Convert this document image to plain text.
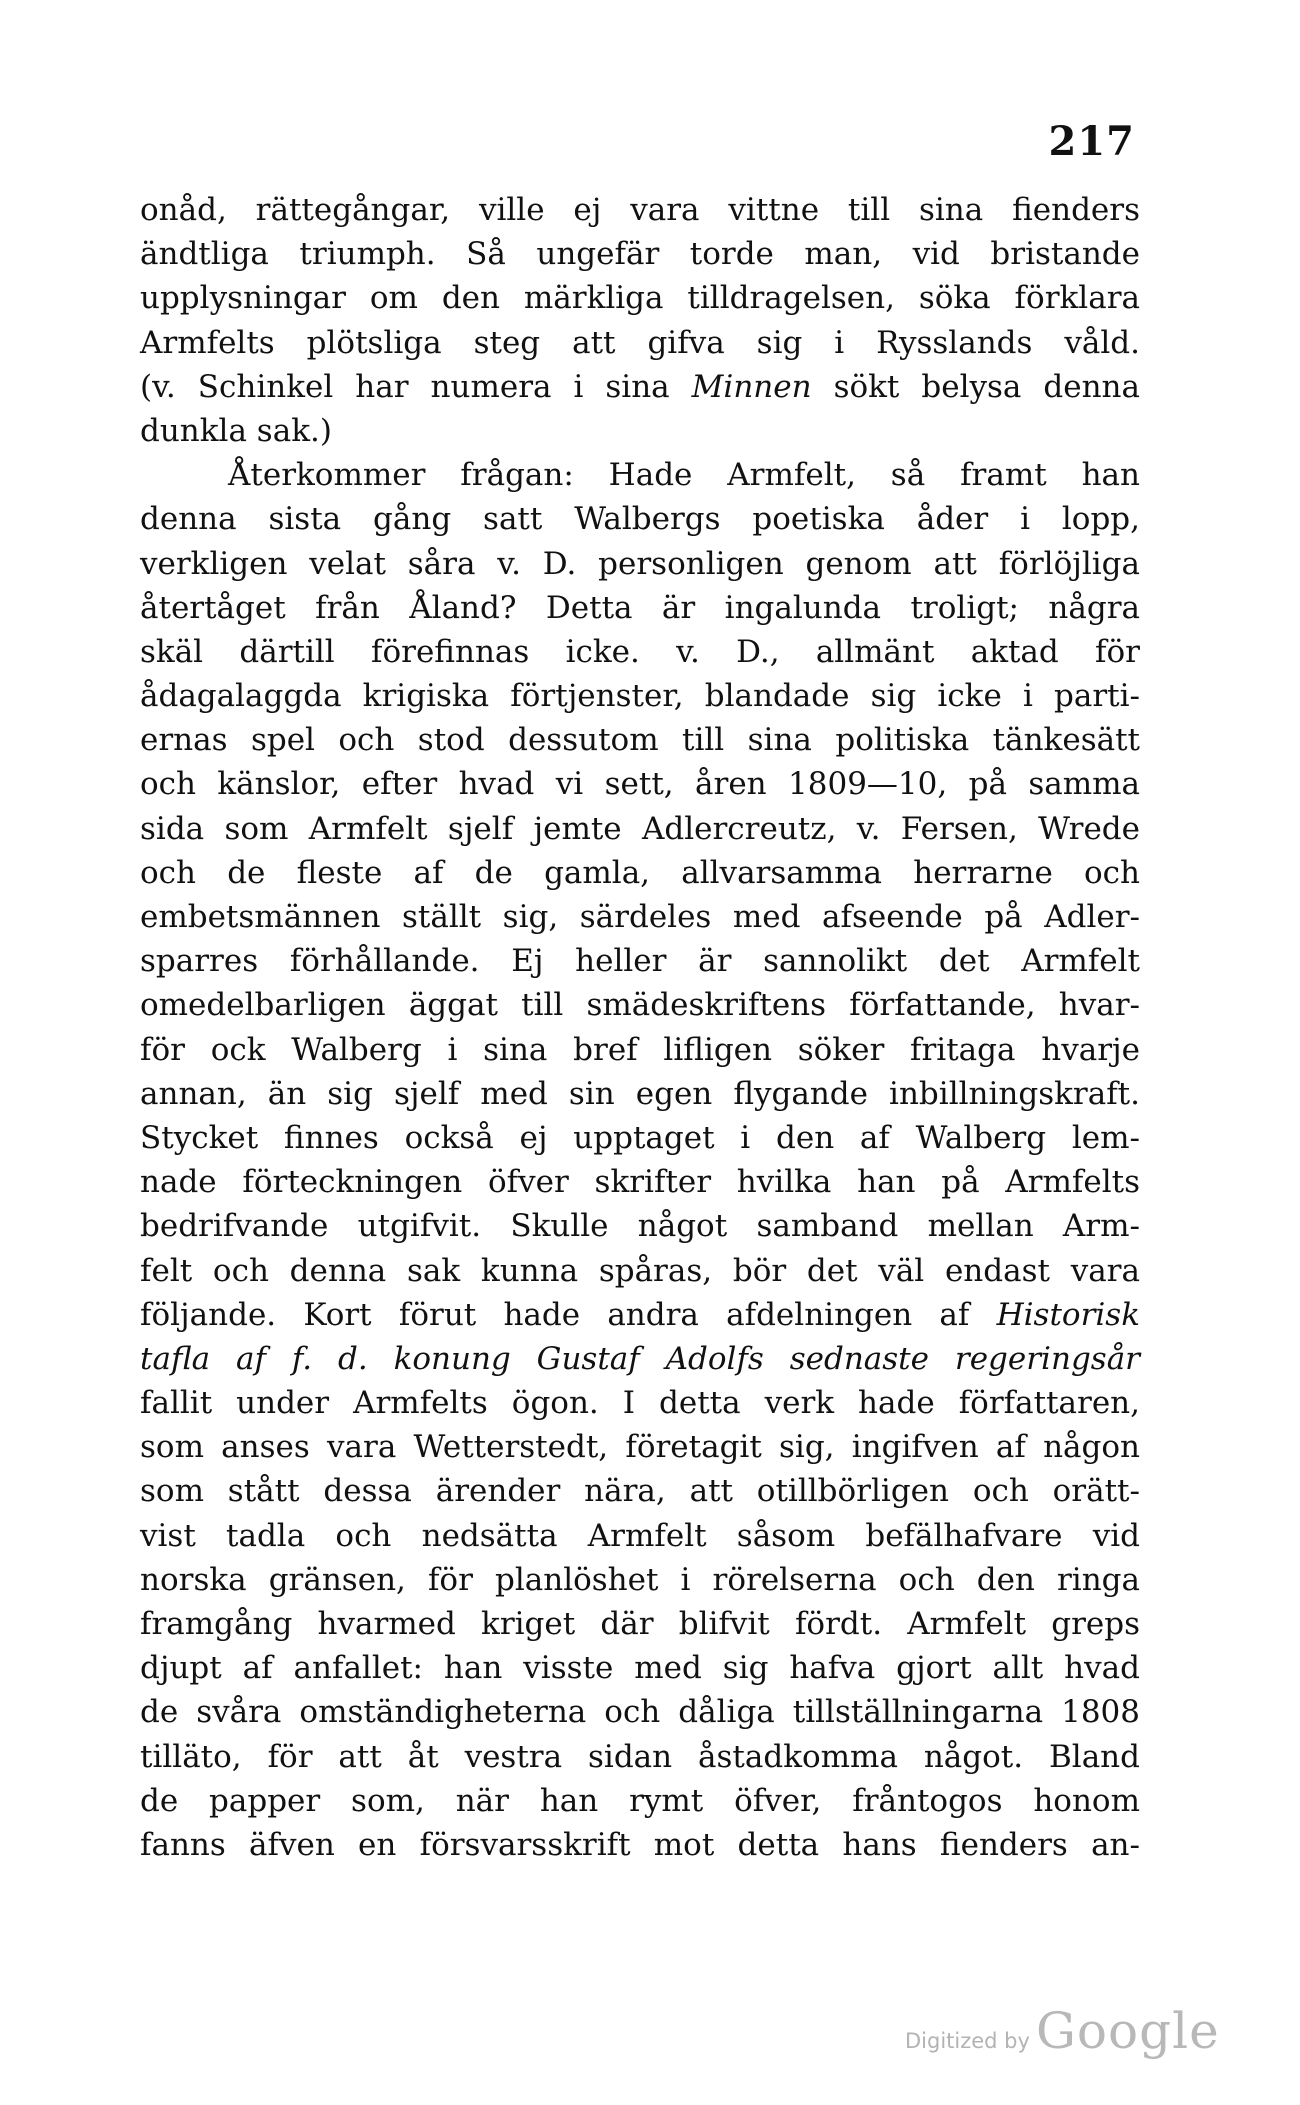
217
onåd, rättegångar, ville ej vara vittne till sina fienders
ändtliga triumph. Så ungefär torde man, vid bristande
upplysningar om den märkliga tilldragelsen, söka förklara
Armfelts plötsliga steg att gifva sig i Rysslands våld.
(v. Schinkel har numera i sina Minnen sökt belysa denna
dunkla sak.)
Återkommer frågan: Hade Armfelt, så framt han
denna sista gång satt Walbergs poetiska åder i lopp,
verkligen velat såra v. D. personligen genom att förlöjliga
återtåget från Åland? Detta är ingalunda troligt; några
skäl därtill förefinnas icke. v. D., allmänt aktad för
ådagalaggda krigiska förtjenster, blandade sig icke i parti-
ernas spel och stod dessutom till sina politiska tänkesätt
och känslor, efter hvad vi sett, åren 1809—10, på samma
sida som Armfelt sjelf jemte Adlercreutz, v. Fersen, Wrede
och de fleste af de gamla, allvarsamma herrarne och
embetsmännen ställt sig, särdeles med afseende på Adler-
sparres förhållande. Ej heller är sannolikt det Armfelt
omedelbarligen äggat till smädeskriftens författande, hvar-
för ock Walberg i sina bref lifligen söker fritaga hvarje
annan, än sig sjelf med sin egen flygande inbillningskraft.
Stycket finnes också ej upptaget i den af Walberg lem-
nade förteckningen öfver skrifter hvilka han på Armfelts
bedrifvande utgifvit. Skulle något samband mellan Arm-
felt och denna sak kunna spåras, bör det väl endast vara
följande. Kort förut hade andra afdelningen af Historisk
tafla af f. d. konung Gustaf Adolfs sednaste regeringsår
fallit under Armfelts ögon. I detta verk hade författaren,
som anses vara Wetterstedt, företagit sig, ingifven af någon
som stått dessa ärender nära, att otillbörligen och orätt-
vist tadla och nedsätta Armfelt såsom befälhafvare vid
norska gränsen, för planlöshet i rörelserna och den ringa
framgång hvarmed kriget där blifvit fördt. Armfelt greps
djupt af anfallet: han visste med sig hafva gjort allt hvad
de svåra omständigheterna och dåliga tillställningarna 1808
tilläto, för att åt vestra sidan åstadkomma något. Bland
de papper som, när han rymt öfver, fråntogos honom
fanns äfven en försvarsskrift mot detta hans fienders an-
Digitized by Google
